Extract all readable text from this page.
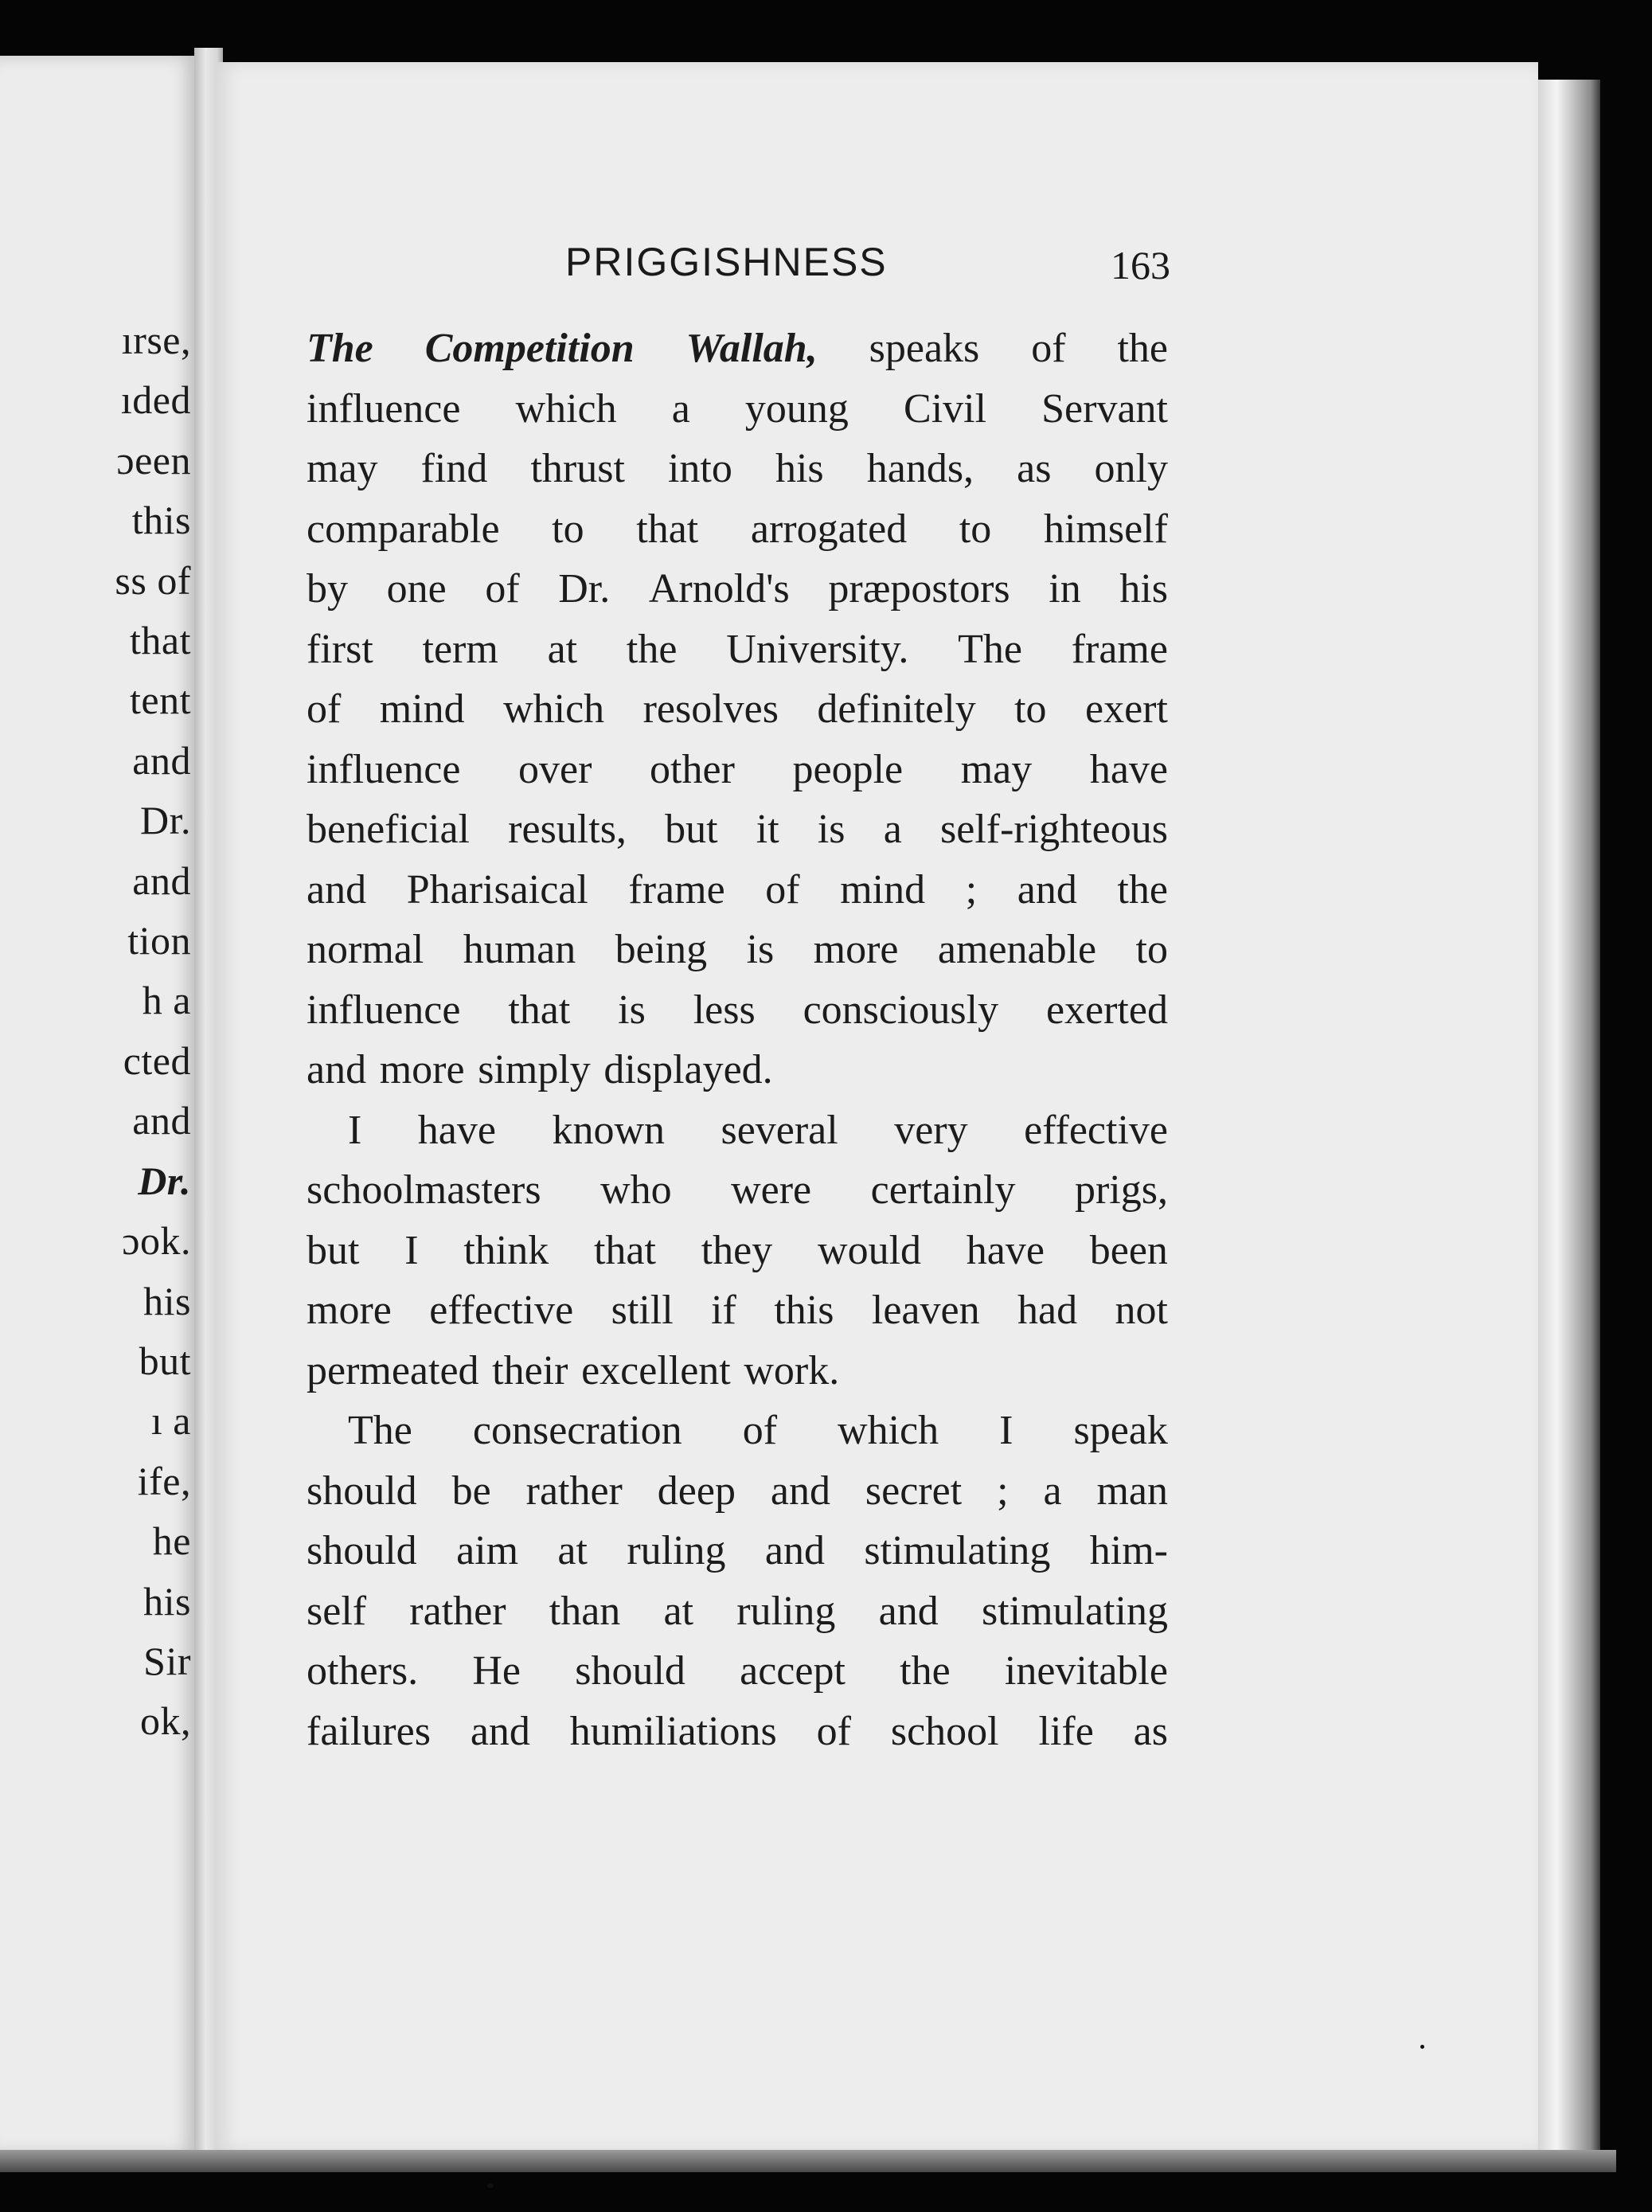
ırse,
ıded
ɔeen
this
ss of
that
tent
and
Dr.
and
tion
h a
cted
and
Dr.
ɔok.
his
but
ı a
ife,
he
his
Sir
ok,
PRIGGISHNESS	163
The Competition Wallah, speaks of the
influence which a young Civil Servant
may find thrust into his hands, as only
comparable to that arrogated to himself
by one of Dr. Arnold's præpostors in his
first term at the University. The frame
of mind which resolves definitely to exert
influence over other people may have
beneficial results, but it is a self-righteous
and Pharisaical frame of mind ; and the
normal human being is more amenable to
influence that is less consciously exerted
and more simply displayed.
I have known several very effective
schoolmasters who were certainly prigs,
but I think that they would have been
more effective still if this leaven had not
permeated their excellent work.
The consecration of which I speak
should be rather deep and secret ; a man
should aim at ruling and stimulating him-
self rather than at ruling and stimulating
others. He should accept the inevitable
failures and humiliations of school life as
